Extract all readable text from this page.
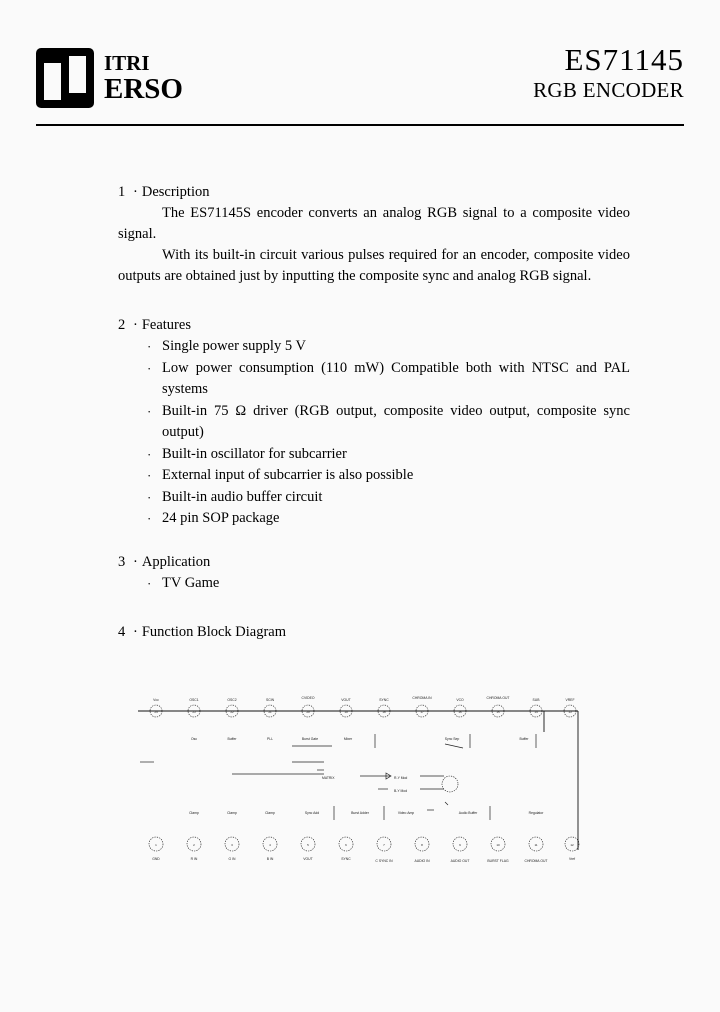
ITRI
ERSO
ES71145
RGB ENCODER
1 · Description

The ES71145S encoder converts an analog RGB signal to a composite video signal.

With its built-in circuit various pulses required for an encoder, composite video outputs are obtained just by inputting the composite sync and analog RGB signal.

2 · Features
· Single power supply 5 V
· Low power consumption (110 mW) Compatible both with NTSC and PAL systems
· Built-in 75 Ω driver (RGB output, composite video output, composite sync output)
· Built-in oscillator for subcarrier
· External input of subcarrier is also possible
· Built-in audio buffer circuit
· 24 pin SOP package
3 · Application
· TV Game
4 · Function Block Diagram
24	23	22	21	20	19	18	17	16	15	14	13
Vcc	OSC1	OSC2	SCIN	CVIDEO	VOUT	SYNC	CHROMA IN	VCO	CHROMA OUT	SUB	VREF
Osc	Buffer	PLL	Burst Gate	Mixer	Sync Sep	Buffer
MATRIX	R-Y Mod
B-Y Mod
Clamp	Clamp	Clamp	Sync Add	Burst Adder	Video Amp	Audio Buffer	Regulator
1	2	3	4	5	6	7	8	9	10	11	12
GND	R IN	G IN	B IN	VOUT	SYNC	C SYNC IN	AUDIO IN	AUDIO OUT	BURST FLAG	CHROMA OUT	Vref
